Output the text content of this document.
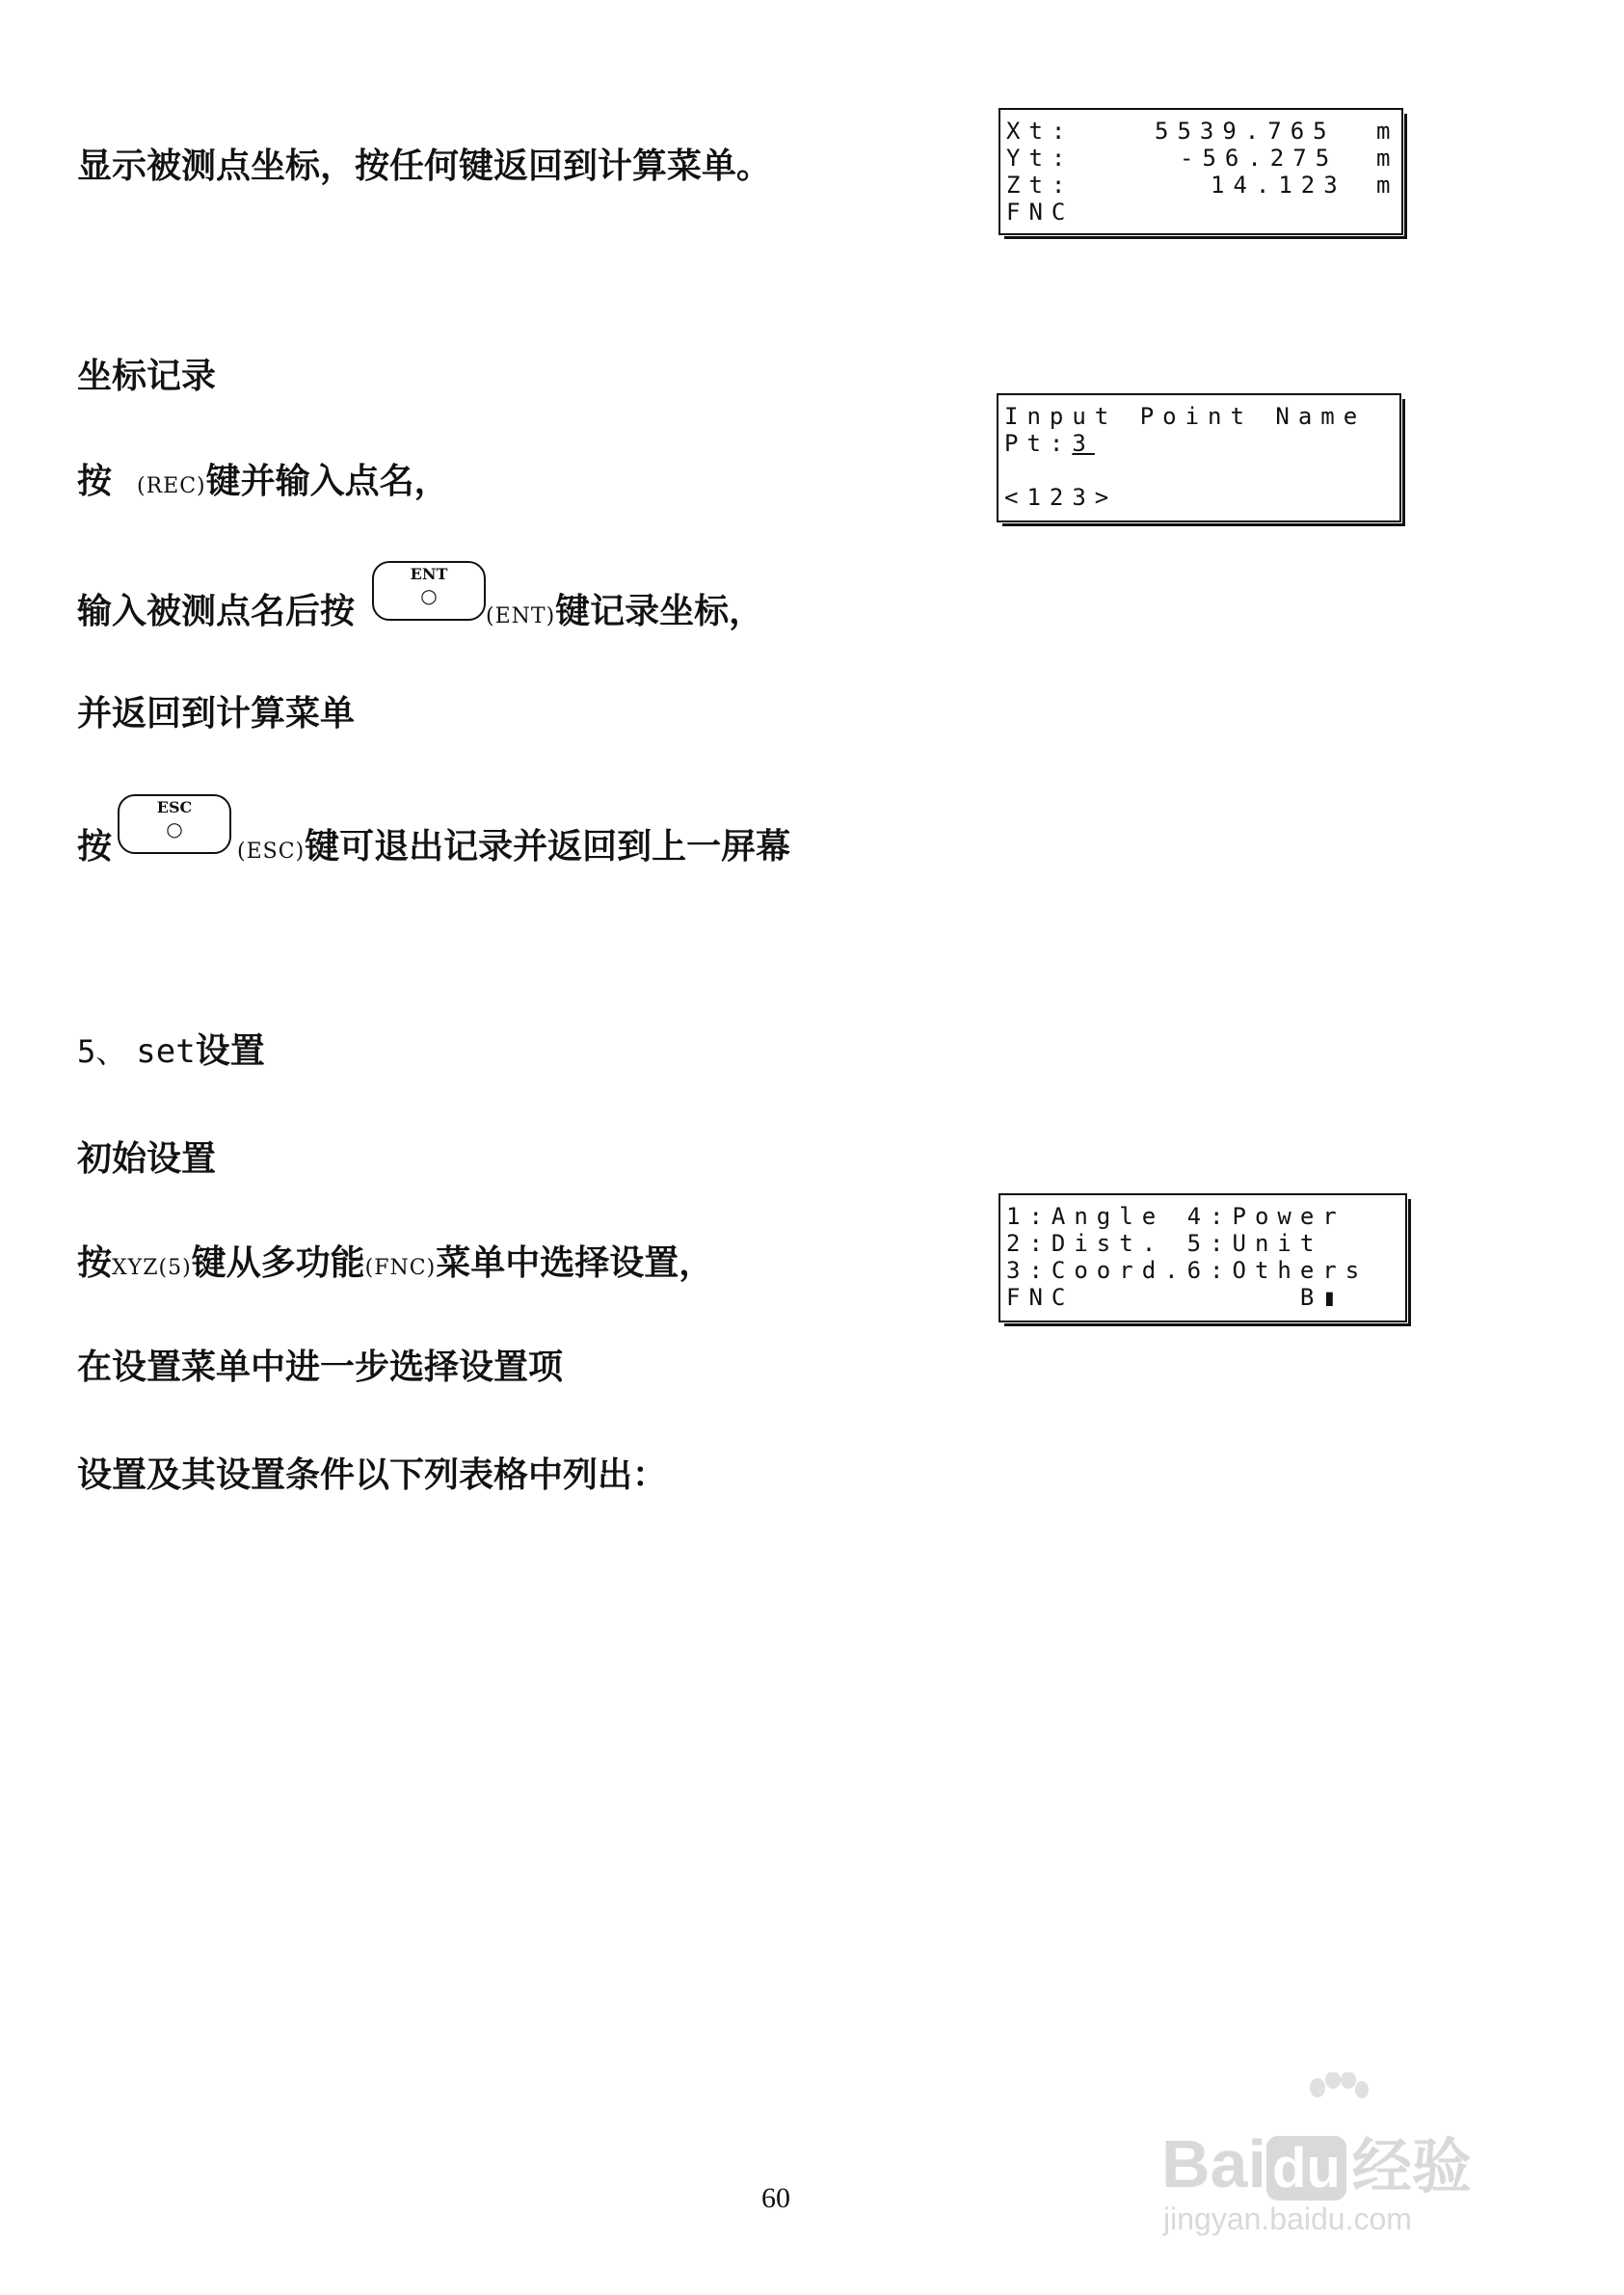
显示被测点坐标，按任何键返回到计算菜单。
Xt:	5539.765 m
Yt:	-56.275 m
Zt:	14.123 m
FNC
坐标记录
按 (REC)键并输入点名，
Input Point Name
Pt:3
<123>
输入被测点名后按	(ENT)键记录坐标，
ENT
○
并返回到计算菜单
按	(ESC)键可退出记录并返回到上一屏幕
ESC
○
5、 set设置
初始设置
按XYZ(5)键从多功能(FNC)菜单中选择设置，
1:Angle 4:Power
2:Dist. 5:Unit
3:Coord.6:Others
FNC          B▮
在设置菜单中进一步选择设置项
设置及其设置条件以下列表格中列出：
60	Bai du 经验
jingyan.baidu.com
